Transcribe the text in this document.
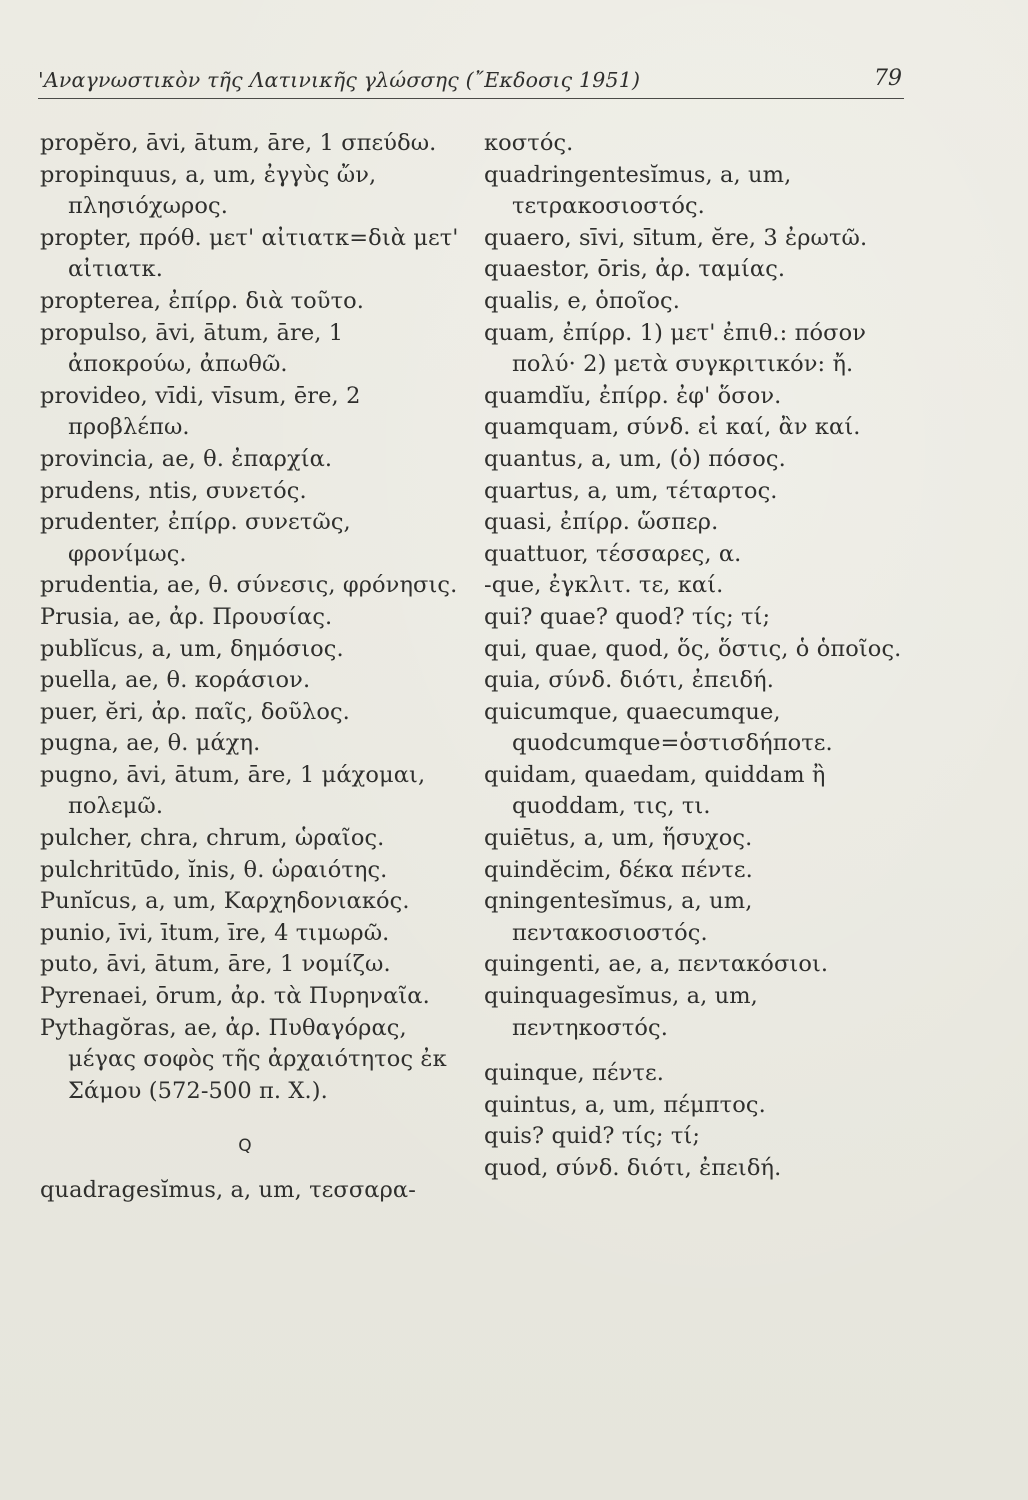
'Αναγνωστικὸν τῆς Λατινικῆς γλώσσης (῎Εκδοσις 1951)	79

propĕro, āvi, ātum, āre, 1 σπεύδω.

propinquus, a, um, ἐγγὺς ὤν, πλησιόχωρος.

propter, πρόθ. μετ' αἰτιατκ=διὰ μετ' αἰτιατκ.

propterea, ἐπίρρ. διὰ τοῦτο.

propulso, āvi, ātum, āre, 1 ἀποκρούω, ἀπωθῶ.

provideo, vīdi, vīsum, ēre, 2 προβλέπω.

provincia, ae, θ. ἐπαρχία.

prudens, ntis, συνετός.

prudenter, ἐπίρρ. συνετῶς, φρονίμως.

prudentia, ae, θ. σύνεσις, φρόνησις.

Prusia, ae, ἀρ. Προυσίας.

publĭcus, a, um, δημόσιος.

puella, ae, θ. κοράσιον.

puer, ĕri, ἀρ. παῖς, δοῦλος.

pugna, ae, θ. μάχη.

pugno, āvi, ātum, āre, 1 μάχομαι, πολεμῶ.

pulcher, chra, chrum, ὡραῖος.

pulchritūdo, ĭnis, θ. ὡραιότης.

Punĭcus, a, um, Καρχηδονιακός.

punio, īvi, ītum, īre, 4 τιμωρῶ.

puto, āvi, ātum, āre, 1 νομίζω.

Pyrenaei, ōrum, ἀρ. τὰ Πυρηναῖα.

Pythagŏras, ae, ἀρ. Πυθαγόρας, μέγας σοφὸς τῆς ἀρχαιότητος ἐκ Σάμου (572-500 π. Χ.).

Q

quadragesĭmus, a, um, τεσσαρα-

κοστός.

quadringentesĭmus, a, um, τετρακοσιοστός.

quaero, sīvi, sītum, ĕre, 3 ἐρωτῶ.

quaestor, ōris, ἀρ. ταμίας.

qualis, e, ὁποῖος.

quam, ἐπίρρ. 1) μετ' ἐπιθ.: πόσον πολύ· 2) μετὰ συγκριτικόν: ἤ.

quamdĭu, ἐπίρρ. ἐφ' ὅσον.

quamquam, σύνδ. εἰ καί, ἂν καί.

quantus, a, um, (ὁ) πόσος.

quartus, a, um, τέταρτος.

quasi, ἐπίρρ. ὥσπερ.

quattuor, τέσσαρες, α.

-que, ἐγκλιτ. τε, καί.

qui? quae? quod? τίς; τί;

qui, quae, quod, ὅς, ὅστις, ὁ ὁποῖος.

quia, σύνδ. διότι, ἐπειδή.

quicumque, quaecumque, quodcumque=ὁστισδήποτε.

quidam, quaedam, quiddam ἢ quoddam, τις, τι.

quiētus, a, um, ἥσυχος.

quindĕcim, δέκα πέντε.

qningentesĭmus, a, um, πεντακοσιοστός.

quingenti, ae, a, πεντακόσιοι.

quinquagesĭmus, a, um, πεντηκοστός.

quinque, πέντε.

quintus, a, um, πέμπτος.

quis? quid? τίς; τί;

quod, σύνδ. διότι, ἐπειδή.
